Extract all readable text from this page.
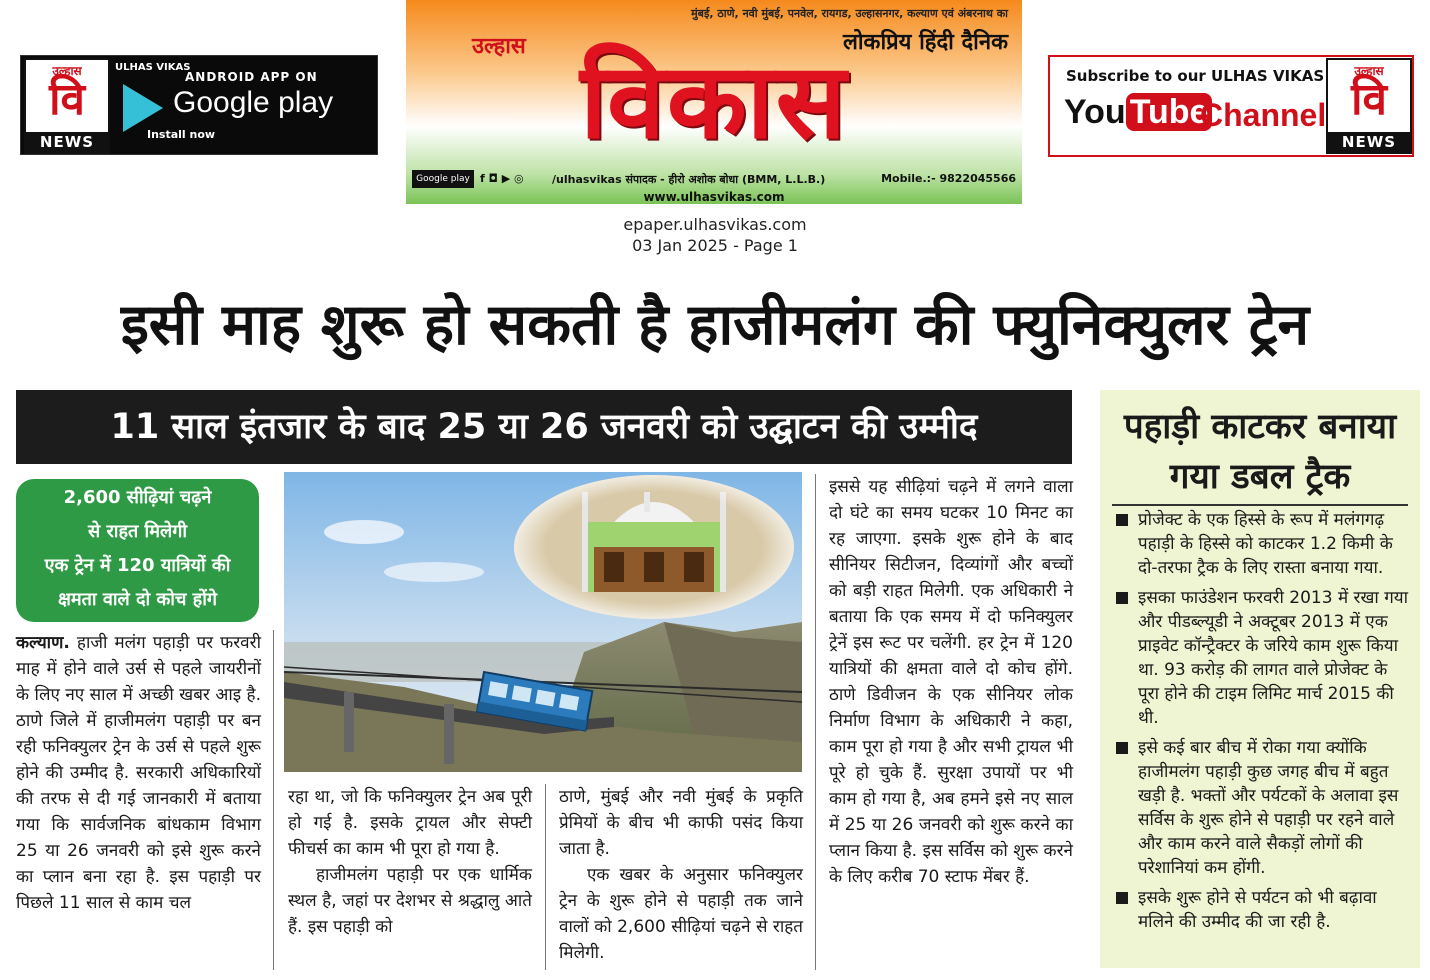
उल्हास
वि
NEWS
ULHAS VIKAS
ANDROID APP ON
Google play
Install now
मुंबई, ठाणे, नवी मुंबई, पनवेल, रायगड, उल्हासनगर, कल्याण एवं अंबरनाथ का
लोकप्रिय हिंदी दैनिक
उल्हास विकास
Google play f ◘ ▶ ◎	/ulhasvikas संपादक - हीरो अशोक बोधा (BMM, L.L.B.)	Mobile.:- 9822045566
www.ulhasvikas.com
Subscribe to our ULHAS VIKAS
You Tube
Channel
उल्हास
वि
NEWS
epaper.ulhasvikas.com
03 Jan 2025 - Page 1
इसी माह शुरू हो सकती है हाजीमलंग की फ्युनिक्युलर ट्रेन
11 साल इंतजार के बाद 25 या 26 जनवरी को उद्घाटन की उम्मीद
2,600 सीढ़ियां चढ़ने
से राहत मिलेगी
एक ट्रेन में 120 यात्रियों की
क्षमता वाले दो कोच होंगे
कल्याण. हाजी मलंग पहाड़ी पर फरवरी माह में होने वाले उर्स से पहले जायरीनों के लिए नए साल में अच्छी खबर आइ है. ठाणे जिले में हाजीमलंग पहाड़ी पर बन रही फनिक्युलर ट्रेन के उर्स से पहले शुरू होने की उम्मीद है. सरकारी अधिकारियों की तरफ से दी गई जानकारी में बताया गया कि सार्वजनिक बांधकाम विभाग 25 या 26 जनवरी को इसे शुरू करने का प्लान बना रहा है. इस पहाड़ी पर पिछले 11 साल से काम चल
रहा था, जो कि फनिक्युलर ट्रेन अब पूरी हो गई है. इसके ट्रायल और सेफ्टी फीचर्स का काम भी पूरा हो गया है.
हाजीमलंग पहाड़ी पर एक धार्मिक स्थल है, जहां पर देशभर से श्रद्धालु आते हैं. इस पहाड़ी को
ठाणे, मुंबई और नवी मुंबई के प्रकृति प्रेमियों के बीच भी काफी पसंद किया जाता है.
एक खबर के अनुसार फनिक्युलर ट्रेन के शुरू होने से पहाड़ी तक जाने वालों को 2,600 सीढ़ियां चढ़ने से राहत मिलेगी.
इससे यह सीढ़ियां चढ़ने में लगने वाला दो घंटे का समय घटकर 10 मिनट का रह जाएगा. इसके शुरू होने के बाद सीनियर सिटीजन, दिव्यांगों और बच्चों को बड़ी राहत मिलेगी. एक अधिकारी ने बताया कि एक समय में दो फनिक्युलर ट्रेनें इस रूट पर चलेंगी. हर ट्रेन में 120 यात्रियों की क्षमता वाले दो कोच होंगे. ठाणे डिवीजन के एक सीनियर लोक निर्माण विभाग के अधिकारी ने कहा, काम पूरा हो गया है और सभी ट्रायल भी पूरे हो चुके हैं. सुरक्षा उपायों पर भी काम हो गया है, अब हमने इसे नए साल में 25 या 26 जनवरी को शुरू करने का प्लान किया है. इस सर्विस को शुरू करने के लिए करीब 70 स्टाफ मेंबर हैं.
पहाड़ी काटकर बनाया
गया डबल ट्रैक
प्रोजेक्ट के एक हिस्से के रूप में मलंगगढ़ पहाड़ी के हिस्से को काटकर 1.2 किमी के दो-तरफा ट्रैक के लिए रास्ता बनाया गया.
इसका फाउंडेशन फरवरी 2013 में रखा गया और पीडब्ल्यूडी ने अक्टूबर 2013 में एक प्राइवेट कॉन्ट्रैक्टर के जरिये काम शुरू किया था. 93 करोड़ की लागत वाले प्रोजेक्ट के पूरा होने की टाइम लिमिट मार्च 2015 की थी.
इसे कई बार बीच में रोका गया क्योंकि हाजीमलंग पहाड़ी कुछ जगह बीच में बहुत खड़ी है. भक्तों और पर्यटकों के अलावा इस सर्विस के शुरू होने से पहाड़ी पर रहने वाले और काम करने वाले सैकड़ों लोगों की परेशानियां कम होंगी.
इसके शुरू होने से पर्यटन को भी बढ़ावा मलिने की उम्मीद की जा रही है.
